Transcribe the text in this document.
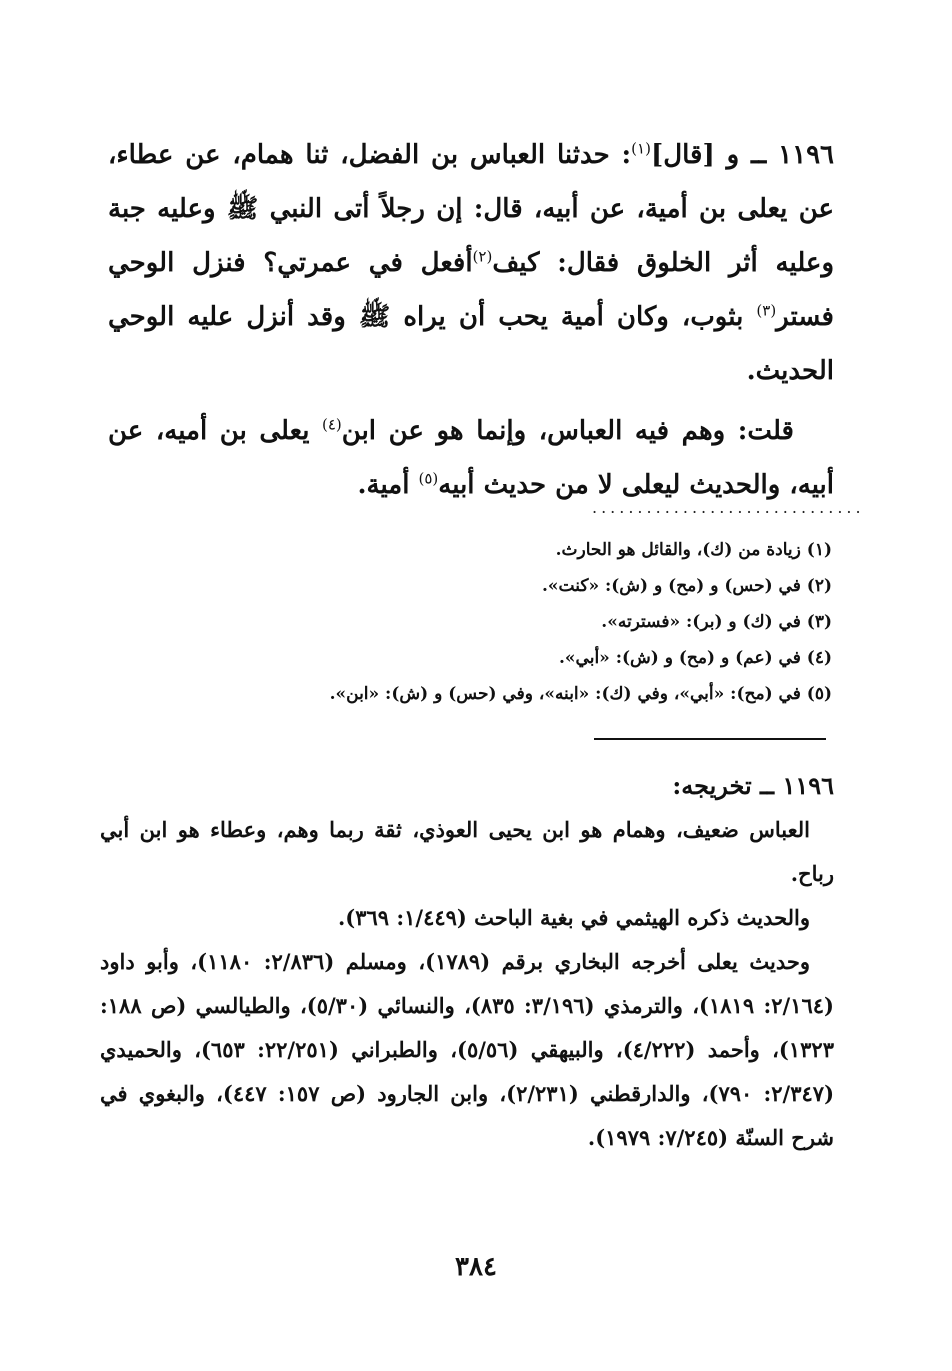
١١٩٦ ــ و [قال]$^{(١)}$: حدثنا العباس بن الفضل، ثنا همام، عن عطاء، عن يعلى بن أمية، عن أبيه، قال: إن رجلاً أتى النبي ﷺ وعليه جبة وعليه أثر الخلوق فقال: كيف$^{(٢)}$أفعل في عمرتي؟ فنزل الوحي فستر$^{(٣)}$ بثوب، وكان أمية يحب أن يراه ﷺ وقد أنزل عليه الوحي الحديث.

قلت: وهم فيه العباس، وإنما هو عن ابن$^{(٤)}$ يعلى بن أميه، عن أبيه، والحديث ليعلى لا من حديث أبيه$^{(٥)}$ أمية.

..............................
(١) زيادة من (ك)، والقائل هو الحارث.
(٢) في (حس) و (مح) و (ش): «كنت».
(٣) في (ك) و (بر): «فسترته».
(٤) في (عم) و (مح) و (ش): «أبي».
(٥) في (مح): «أبي»، وفي (ك): «ابنه»، وفي (حس) و (ش): «ابن».

١١٩٦ ــ تخريجه:

العباس ضعيف، وهمام هو ابن يحيى العوذي، ثقة ربما وهم، وعطاء هو ابن أبي رباح.

والحديث ذكره الهيثمي في بغية الباحث (١/٤٤٩: ٣٦٩).

وحديث يعلى أخرجه البخاري برقم (١٧٨٩)، ومسلم (٢/٨٣٦: ١١٨٠)، وأبو داود (٢/١٦٤: ١٨١٩)، والترمذي (٣/١٩٦: ٨٣٥)، والنسائي (٥/٣٠)، والطيالسي (ص ١٨٨: ١٣٢٣)، وأحمد (٤/٢٢٢)، والبيهقي (٥/٥٦)، والطبراني (٢٢/٢٥١: ٦٥٣)، والحميدي (٢/٣٤٧: ٧٩٠)، والدارقطني (٢/٢٣١)، وابن الجارود (ص ١٥٧: ٤٤٧)، والبغوي في شرح السنّة (٧/٢٤٥: ١٩٧٩).

٣٨٤
